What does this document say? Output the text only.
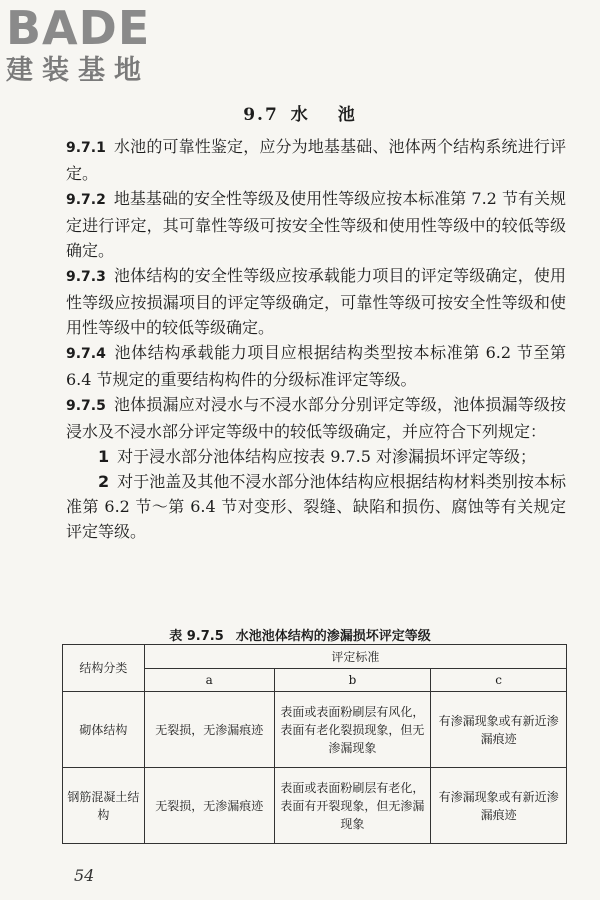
BADE
建装基地
9.7 水 池

9.7.1 水池的可靠性鉴定，应分为地基基础、池体两个结构系统进行评定。

9.7.2 地基基础的安全性等级及使用性等级应按本标准第 7.2 节有关规定进行评定，其可靠性等级可按安全性等级和使用性等级中的较低等级确定。

9.7.3 池体结构的安全性等级应按承载能力项目的评定等级确定，使用性等级应按损漏项目的评定等级确定，可靠性等级可按安全性等级和使用性等级中的较低等级确定。

9.7.4 池体结构承载能力项目应根据结构类型按本标准第 6.2 节至第 6.4 节规定的重要结构构件的分级标准评定等级。

9.7.5 池体损漏应对浸水与不浸水部分分别评定等级，池体损漏等级按浸水及不浸水部分评定等级中的较低等级确定，并应符合下列规定：

1 对于浸水部分池体结构应按表 9.7.5 对渗漏损坏评定等级；

2 对于池盖及其他不浸水部分池体结构应根据结构材料类别按本标准第 6.2 节～第 6.4 节对变形、裂缝、缺陷和损伤、腐蚀等有关规定评定等级。

表 9.7.5 水池池体结构的渗漏损坏评定等级
结构分类	评定标准		
	a	b	c
砌体结构	无裂损，无渗漏痕迹	表面或表面粉刷层有风化，表面有老化裂损现象，但无渗漏现象	有渗漏现象或有新近渗漏痕迹
钢筋混凝土结构	无裂损，无渗漏痕迹	表面或表面粉刷层有老化，表面有开裂现象，但无渗漏现象	有渗漏现象或有新近渗漏痕迹
54
